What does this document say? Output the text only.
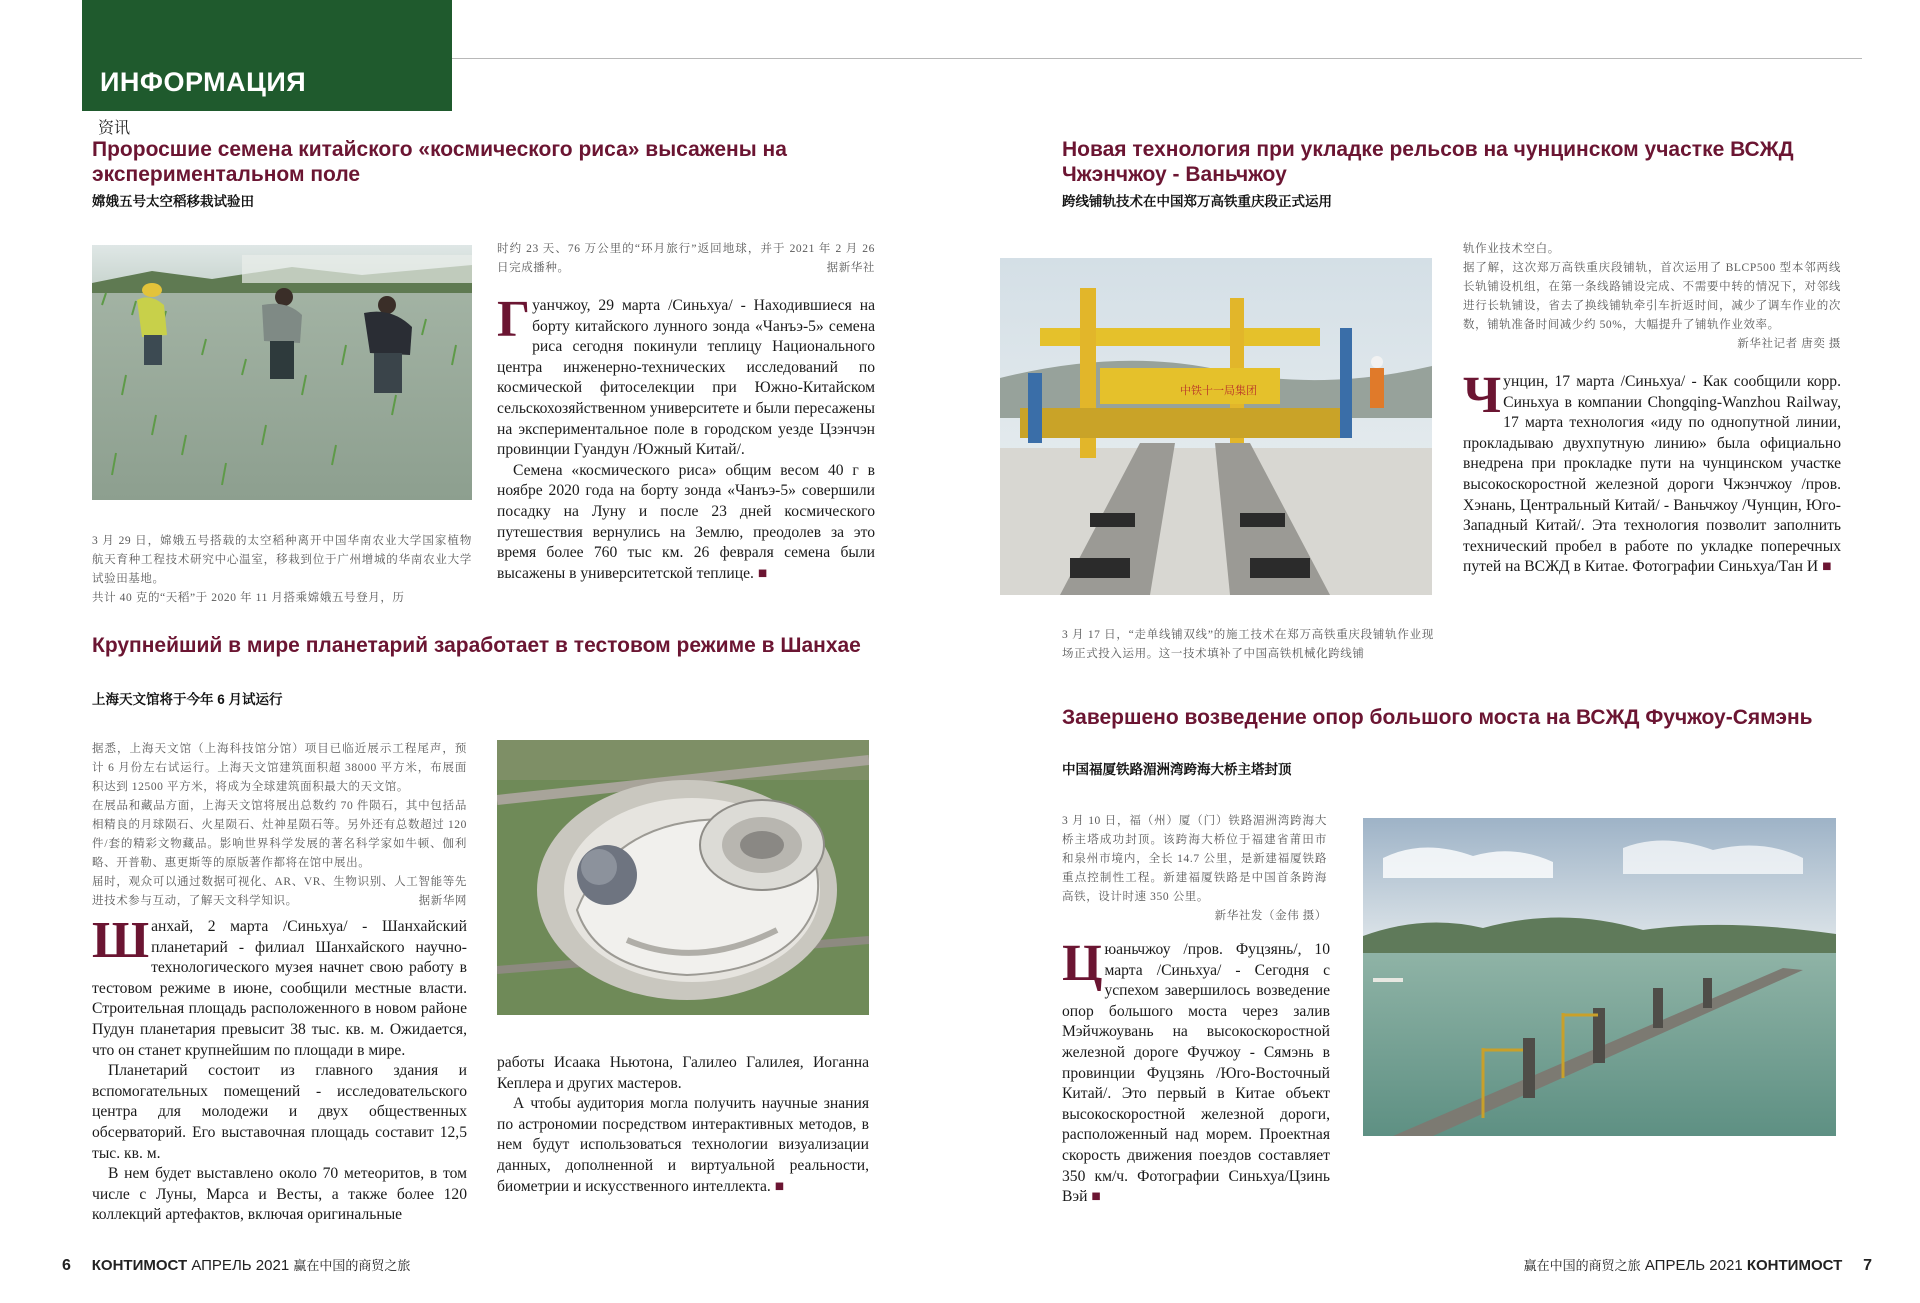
ИНФОРМАЦИЯ
资讯
Проросшие семена китайского «космического риса» высажены на экспериментальном поле
嫦娥五号太空稻移栽试验田
3 月 29 日，嫦娥五号搭载的太空稻种离开中国华南农业大学国家植物航天育种工程技术研究中心温室，移栽到位于广州增城的华南农业大学试验田基地。
共计 40 克的“天稻”于 2020 年 11 月搭乘嫦娥五号登月，历
时约 23 天、76 万公里的“环月旅行”返回地球，并于 2021 年 2 月 26 日完成播种。	据新华社

Гуанчжоу, 29 марта /Синьхуа/ - Находившиеся на борту китайского лунного зонда «Чанъэ-5» семена риса сегодня покинули теплицу Национального центра инженерно-технических исследований по космической фитоселекции при Южно-Китайском сельскохозяйственном университете и были пересажены на экспериментальное поле в городском уезде Цзэнчэн провинции Гуандун /Южный Китай/.

Семена «космического риса» общим весом 40 г в ноябре 2020 года на борту зонда «Чанъэ-5» совершили посадку на Луну и после 23 дней космического путешествия вернулись на Землю, преодолев за это время более 760 тыс км. 26 февраля семена были высажены в университетской теплице. ■

Крупнейший в мире планетарий заработает в тестовом режиме в Шанхае
上海天文馆将于今年 6 月试运行
据悉，上海天文馆（上海科技馆分馆）项目已临近展示工程尾声，预计 6 月份左右试运行。上海天文馆建筑面积超 38000 平方米，布展面积达到 12500 平方米，将成为全球建筑面积最大的天文馆。
在展品和藏品方面，上海天文馆将展出总数约 70 件陨石，其中包括品相精良的月球陨石、火星陨石、灶神星陨石等。另外还有总数超过 120 件/套的精彩文物藏品。影响世界科学发展的著名科学家如牛顿、伽利略、开普勒、惠更斯等的原版著作都将在馆中展出。
届时，观众可以通过数据可视化、AR、VR、生物识别、人工智能等先进技术参与互动，了解天文科学知识。	据新华网

Шанхай, 2 марта /Синьхуа/ - Шанхайский планетарий - филиал Шанхайского научно-технологического музея начнет свою работу в тестовом режиме в июне, сообщили местные власти. Строительная площадь расположенного в новом районе Пудун планетария превысит 38 тыс. кв. м. Ожидается, что он станет крупнейшим по площади в мире.

Планетарий состоит из главного здания и вспомогательных помещений - исследовательского центра для молодежи и двух общественных обсерваторий. Его выставочная площадь составит 12,5 тыс. кв. м.

В нем будет выставлено около 70 метеоритов, в том числе с Луны, Марса и Весты, а также более 120 коллекций артефактов, включая оригинальные

работы Исаака Ньютона, Галилео Галилея, Иоганна Кеплера и других мастеров.

А чтобы аудитория могла получить научные знания по астрономии посредством интерактивных методов, в нем будут использоваться технологии визуализации данных, дополненной и виртуальной реальности, биометрии и искусственного интеллекта. ■

Новая технология при укладке рельсов на чунцинском участке ВСЖД Чжэнчжоу - Ваньчжоу
跨线铺轨技术在中国郑万高铁重庆段正式运用
中铁十一局集团
3 月 17 日，“走单线铺双线”的施工技术在郑万高铁重庆段铺轨作业现场正式投入运用。这一技术填补了中国高铁机械化跨线铺
轨作业技术空白。
据了解，这次郑万高铁重庆段铺轨，首次运用了 BLCP500 型本邻两线长轨铺设机组，在第一条线路铺设完成、不需要中转的情况下，对邻线进行长轨铺设，省去了换线铺轨牵引车折返时间，减少了调车作业的次数，铺轨准备时间减少约 50%，大幅提升了铺轨作业效率。

新华社记者 唐奕 摄

Чунцин, 17 марта /Синьхуа/ - Как сообщили корр. Синьхуа в компании Chongqing-Wanzhou Railway, 17 марта технология «иду по однопутной линии, прокладываю двухпутную линию» была официально внедрена при прокладке пути на чунцинском участке высокоскоростной железной дороги Чжэнчжоу /пров. Хэнань, Центральный Китай/ - Ваньчжоу /Чунцин, Юго-Западный Китай/. Эта технология позволит заполнить технический пробел в работе по укладке поперечных путей на ВСЖД в Китае. Фотографии Синьхуа/Тан И ■

Завершено возведение опор большого моста на ВСЖД Фучжоу-Сямэнь
中国福厦铁路湄洲湾跨海大桥主塔封顶
3 月 10 日，福（州）厦（门）铁路湄洲湾跨海大桥主塔成功封顶。该跨海大桥位于福建省莆田市和泉州市境内，全长 14.7 公里，是新建福厦铁路重点控制性工程。新建福厦铁路是中国首条跨海高铁，设计时速 350 公里。

新华社发（金伟 摄）

Цюаньчжоу /пров. Фуцзянь/, 10 марта /Синьхуа/ - Сегодня с успехом завершилось возведение опор большого моста через залив Мэйчжоувань на высокоскоростной железной дороге Фучжоу - Сямэнь в провинции Фуцзянь /Юго-Восточный Китай/. Это первый в Китае объект высокоскоростной железной дороги, расположенный над морем. Проектная скорость движения поездов составляет 350 км/ч. Фотографии Синьхуа/Цзинь Вэй ■

6 КОНТИМОСТ АПРЕЛЬ 2021 赢在中国的商贸之旅	赢在中国的商贸之旅 АПРЕЛЬ 2021 КОНТИМОСТ 7
